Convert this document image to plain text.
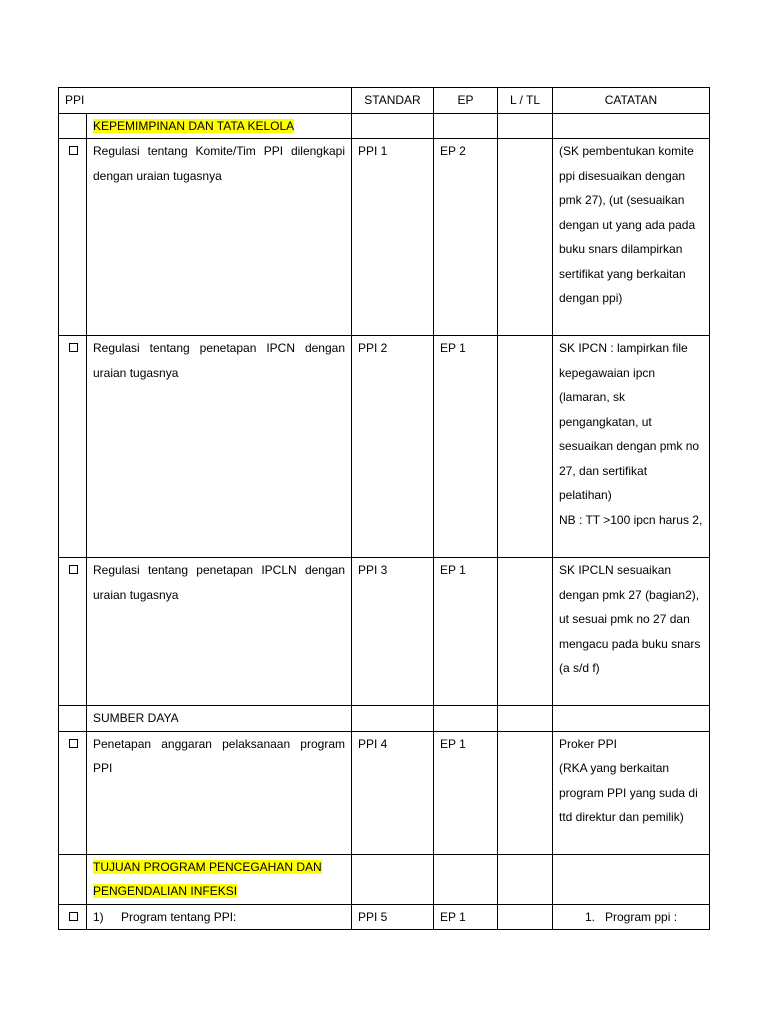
PPI		STANDAR	EP	L / TL	CATATAN
	KEPEMIMPINAN DAN TATA KELOLA				
	Regulasi tentang Komite/Tim PPI dilengkapi dengan uraian tugasnya	PPI 1	EP 2		(SK pembentukan komite ppi disesuaikan dengan pmk 27), (ut (sesuaikan dengan ut yang ada pada buku snars dilampirkan sertifikat yang berkaitan dengan ppi)
	Regulasi tentang penetapan IPCN dengan uraian tugasnya	PPI 2	EP 1		SK IPCN : lampirkan file kepegawaian ipcn (lamaran, sk pengangkatan, ut sesuaikan dengan pmk no 27, dan sertifikat pelatihan)
NB : TT >100 ipcn harus 2,
	Regulasi tentang penetapan IPCLN dengan uraian tugasnya	PPI 3	EP 1		SK IPCLN sesuaikan dengan pmk 27 (bagian2), ut sesuai pmk no 27 dan mengacu pada buku snars (a s/d f)
	SUMBER DAYA				
	Penetapan anggaran pelaksanaan program PPI	PPI 4	EP 1		Proker PPI
(RKA yang berkaitan program PPI yang suda di ttd direktur dan pemilik)
	TUJUAN PROGRAM PENCEGAHAN DAN
PENGENDALIAN INFEKSI				
	1) Program tentang PPI:	PPI 5	EP 1		1. Program ppi :
